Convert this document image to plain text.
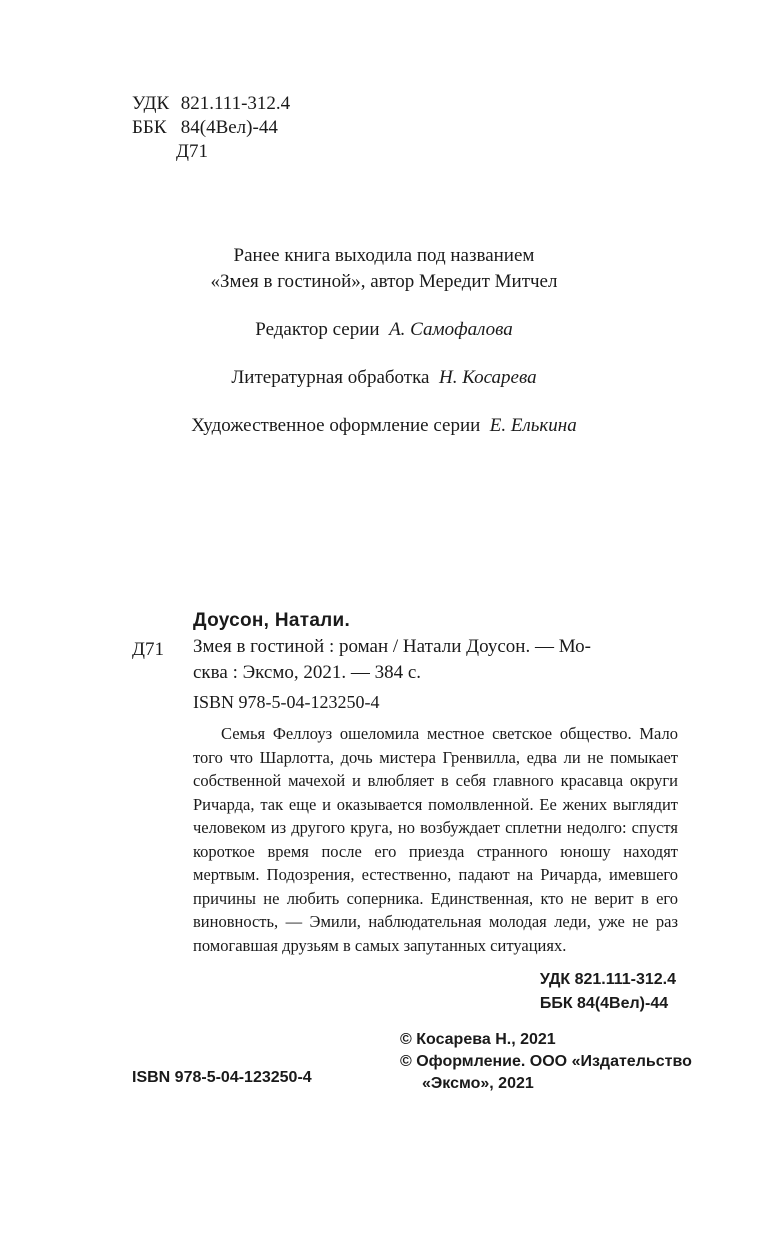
УДК 821.111-312.4
ББК 84(4Вел)-44
Д71
Ранее книга выходила под названием
«Змея в гостиной», автор Мередит Митчел
Редактор серии А. Самофалова
Литературная обработка Н. Косарева
Художественное оформление серии Е. Елькина
Доусон, Натали.
Д71 Змея в гостиной : роман / Натали Доусон. — Мо-
сква : Эксмо, 2021. — 384 с.
ISBN 978-5-04-123250-4

Семья Феллоуз ошеломила местное светское общество. Мало того что Шарлотта, дочь мистера Гренвилла, едва ли не помыкает собственной мачехой и влюбляет в себя главного красавца округи Ричарда, так еще и оказывается помолвленной. Ее жених выглядит человеком из другого круга, но возбуждает сплетни недолго: спустя короткое время после его приезда странного юношу находят мертвым. Подозрения, естественно, падают на Ричарда, имевшего причины не любить соперника. Единственная, кто не верит в его виновность, — Эмили, наблюдательная молодая леди, уже не раз помогавшая друзьям в самых запутанных ситуациях.

УДК 821.111-312.4
ББК 84(4Вел)-44
© Косарева Н., 2021
© Оформление. ООО «Издательство
«Эксмо», 2021
ISBN 978-5-04-123250-4
